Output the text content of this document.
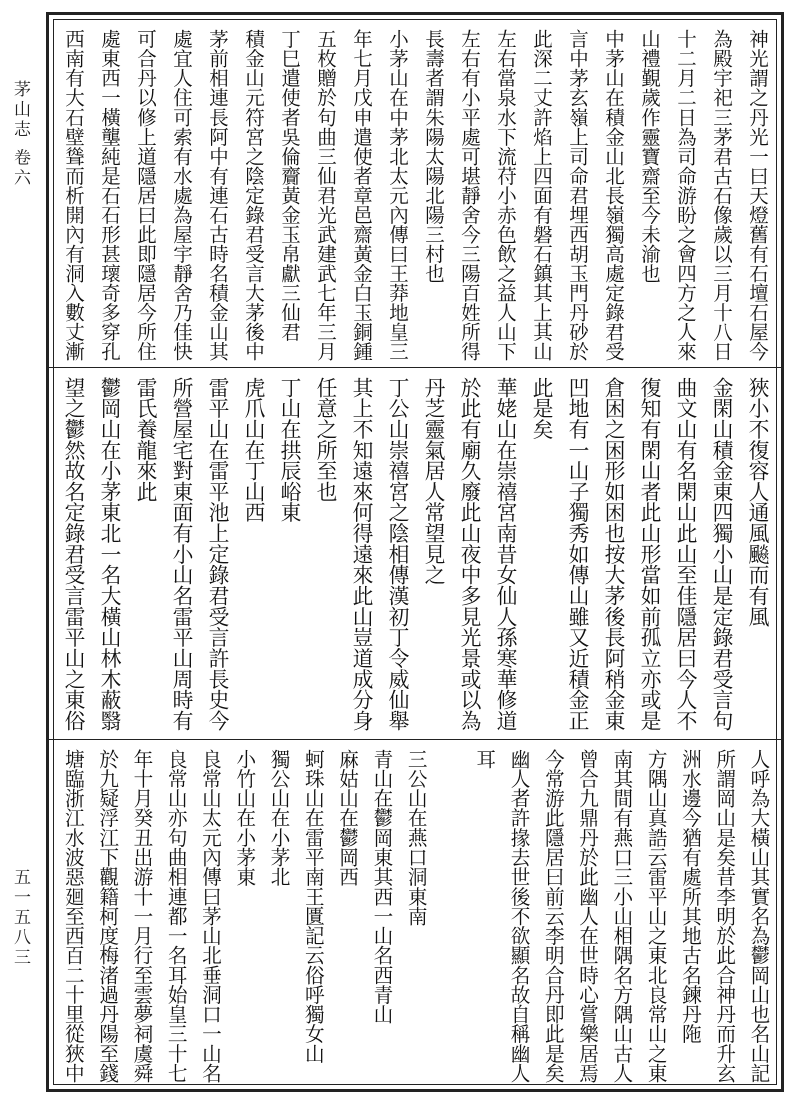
茅山志 卷六
五一五八三
神光謂之丹光一曰天燈舊有石壇石屋今
為殿宇祀三茅君古石像歲以三月十八日
十二月二日為司命游盼之會四方之人來
山禮覲歲作靈寶齋至今未渝也
中茅山在積金山北長嶺獨高處定錄君受
言中茅玄嶺上司命君埋西胡玉門丹砂於
此深二丈許焰上四面有磐石鎮其上其山
左右當泉水下流苻小赤色飲之益人山下
左右有小平處可堪靜舍今三陽百姓所得
長壽者謂朱陽太陽北陽三村也
小茅山在中茅北太元內傳曰王莽地皇三
年七月戊申遣使者章邑齋黃金白玉銅鍾
五枚贈於句曲三仙君光武建武七年三月
丁巳遣使者吳倫齎黃金玉帛獻三仙君
積金山元符宮之陰定錄君受言大茅後中
茅前相連長阿中有連石古時名積金山其
處宜人住可索有水處為屋宇靜舍乃佳快
可合丹以修上道隱居曰此即隱居今所住
處東西一橫壟純是石石形甚瓌奇多穿孔
西南有大石壁聳而析開內有洞入數丈漸
狹小不復容人通風飈而有風
金閑山積金東四獨小山是定錄君受言句
曲文山有名閑山此山至佳隱居曰今人不
復知有閑山者此山形當如前孤立亦或是
倉困之困形如困也按大茅後長阿稍金東
凹地有一山子獨秀如傳山雖又近積金正
此是矣
華姥山在崇禧宮南昔女仙人孫寒華修道
於此有廟久廢此山夜中多見光景或以為
丹芝靈氣居人常望見之
丁公山崇禧宮之陰相傳漢初丁令威仙舉
其上不知遠來何得遠來此山豈道成分身
任意之所至也
丁山在拱辰峪東
虎爪山在丁山西
雷平山在雷平池上定錄君受言許長史今
所營屋宅對東面有小山名雷平山周時有
雷氏養龍來此
鬱岡山在小茅東北一名大橫山林木蔽翳
望之鬱然故名定錄君受言雷平山之東俗
人呼為大橫山其實名為鬱岡山也名山記
所謂岡山是矣昔李明於此合神丹而升玄
洲水邊今猶有處所其地古名鍊丹陁
方隅山真誥云雷平山之東北良常山之東
南其間有燕口三小山相隅名方隅山古人
曾合九鼎丹於此幽人在世時心嘗樂居焉
今常游此隱居曰前云李明合丹即此是矣
幽人者許掾去世後不欲顯名故自稱幽人
耳
三公山在燕口洞東南
青山在鬱岡東其西一山名西青山
麻姑山在鬱岡西
蚵珠山在雷平南王匱記云俗呼獨女山
獨公山在小茅北
小竹山在小茅東
良常山太元內傳曰茅山北垂洞口一山名
良常山亦句曲相連都一名耳始皇三十七
年十月癸丑出游十一月行至雲夢祠虞舜
於九疑浮江下觀籍柯度梅渚過丹陽至錢
塘臨浙江水波惡廻至西百二十里從狹中
